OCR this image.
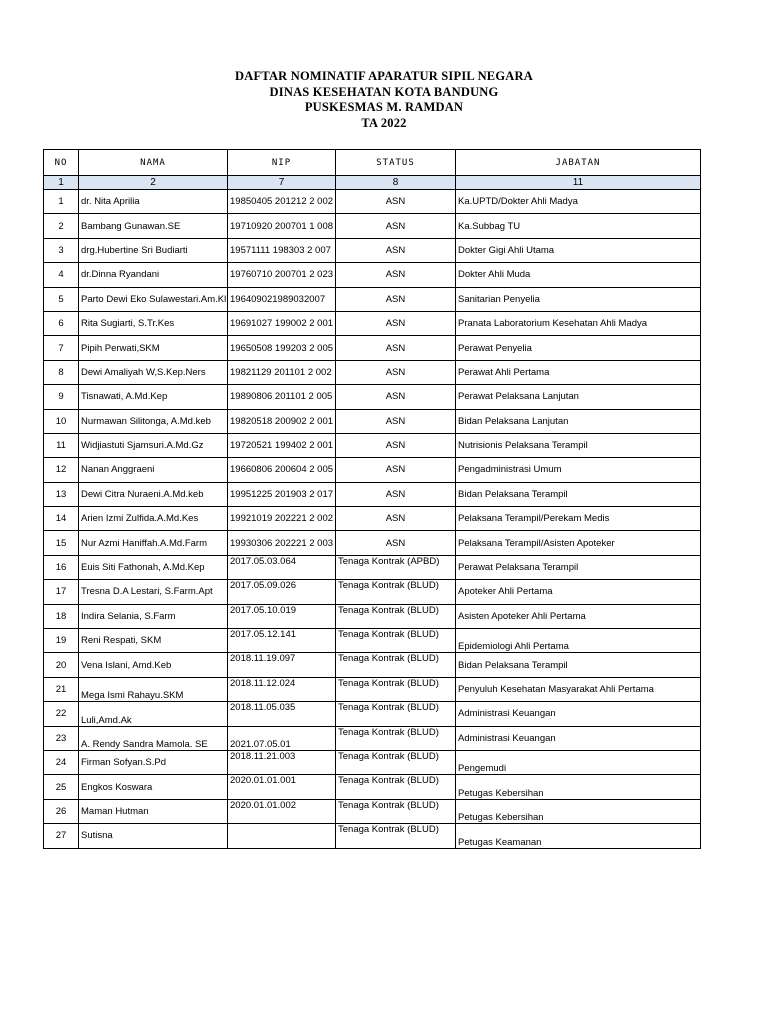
DAFTAR NOMINATIF APARATUR SIPIL NEGARA
DINAS KESEHATAN KOTA BANDUNG
PUSKESMAS M. RAMDAN
TA 2022
NO	NAMA	NIP	STATUS	JABATAN
1	2	7	8	11
1	dr. Nita Aprilia	19850405 201212 2 002	ASN	Ka.UPTD/Dokter Ahli Madya
2	Bambang Gunawan.SE	19710920 200701 1 008	ASN	Ka.Subbag TU
3	drg.Hubertine Sri Budiarti	19571111 198303 2 007	ASN	Dokter Gigi Ahli Utama
4	dr.Dinna Ryandani	19760710 200701 2 023	ASN	Dokter Ahli Muda
5	Parto Dewi Eko Sulawestari.Am.Kl	196409021989032007	ASN	Sanitarian Penyelia
6	Rita Sugiarti, S.Tr.Kes	19691027 199002 2 001	ASN	Pranata Laboratorium Kesehatan Ahli Madya
7	Pipih Perwati,SKM	19650508 199203 2 005	ASN	Perawat Penyelia
8	Dewi Amaliyah W,S.Kep.Ners	19821129 201101 2 002	ASN	Perawat Ahli Pertama
9	Tisnawati, A.Md.Kep	19890806 201101 2 005	ASN	Perawat Pelaksana Lanjutan
10	Nurmawan Silitonga, A.Md.keb	19820518 200902 2 001	ASN	Bidan Pelaksana Lanjutan
11	Widjiastuti Sjamsuri.A.Md.Gz	19720521 199402 2 001	ASN	Nutrisionis Pelaksana Terampil
12	Nanan Anggraeni	19660806 200604 2 005	ASN	Pengadministrasi Umum
13	Dewi Citra Nuraeni.A.Md.keb	19951225 201903 2 017	ASN	Bidan Pelaksana Terampil
14	Arien Izmi Zulfida.A.Md.Kes	19921019 202221 2 002	ASN	Pelaksana Terampil/Perekam Medis
15	Nur Azmi Haniffah.A.Md.Farm	19930306 202221 2 003	ASN	Pelaksana Terampil/Asisten Apoteker
16	Euis Siti Fathonah, A.Md.Kep	2017.05.03.064	Tenaga Kontrak (APBD)	Perawat Pelaksana Terampil
17	Tresna D.A Lestari, S.Farm.Apt	2017.05.09.026	Tenaga Kontrak (BLUD)	Apoteker Ahli Pertama
18	Indira Selania, S.Farm	2017.05.10.019	Tenaga Kontrak (BLUD)	Asisten Apoteker Ahli Pertama
19	Reni Respati, SKM	2017.05.12.141	Tenaga Kontrak (BLUD)	Epidemiologi Ahli Pertama
20	Vena Islani, Amd.Keb	2018.11.19.097	Tenaga Kontrak (BLUD)	Bidan Pelaksana Terampil
21	Mega Ismi Rahayu.SKM	2018.11.12.024	Tenaga Kontrak (BLUD)	Penyuluh Kesehatan Masyarakat Ahli Pertama
22	Luli,Amd.Ak	2018.11.05.035	Tenaga Kontrak (BLUD)	Administrasi Keuangan
23	A. Rendy Sandra Mamola. SE	2021.07.05.01	Tenaga Kontrak (BLUD)	Administrasi Keuangan
24	Firman Sofyan.S.Pd	2018.11.21.003	Tenaga Kontrak (BLUD)	Pengemudi
25	Engkos Koswara	2020.01.01.001	Tenaga Kontrak (BLUD)	Petugas Kebersihan
26	Maman Hutman	2020.01.01.002	Tenaga Kontrak (BLUD)	Petugas Kebersihan
27	Sutisna		Tenaga Kontrak (BLUD)	Petugas Keamanan
